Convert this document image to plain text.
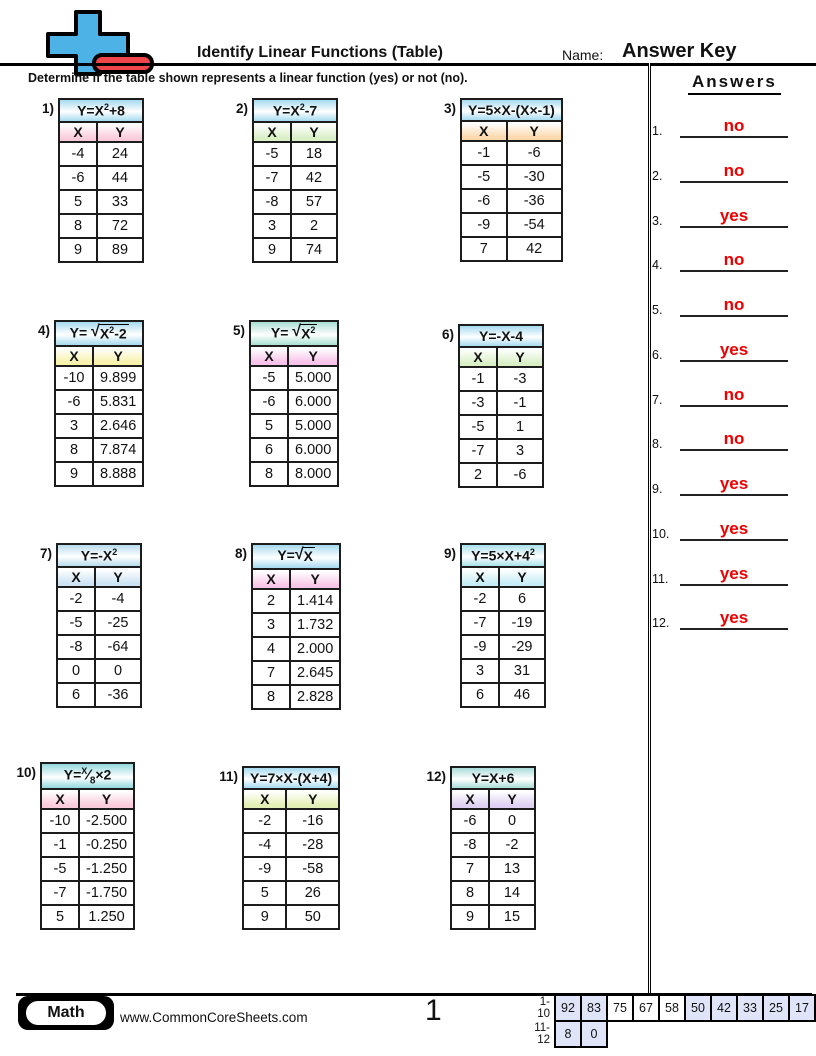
Identify Linear Functions (Table)	Name: Answer Key
Determine if the table shown represents a linear function (yes) or not (no).	Answers
1.	no
2.	no
3.	yes
4.	no
5.	no
6.	yes
7.	no
8.	no
9.	yes
10.	yes
11.	yes
12.	yes
1) $Y=X^2+8$	
X	Y
-4	24
-6	44
5	33
8	72
9	89
2) $Y=X^2-7$	
X	Y
-5	18
-7	42
-8	57
3	2
9	74
3) Y=5×X-(X×-1)	
X	Y
-1	-6
-5	-30
-6	-36
-9	-54
7	42
4) $Y= √X^2-2$	
X	Y
-10	9.899
-6	5.831
3	2.646
8	7.874
9	8.888
5) $Y= √X^2$
X	Y
-5	5.000
-6	6.000
5	5.000
6	6.000
8	8.000
6) Y=-X-4	
X	Y
-1	-3
-3	-1
-5	1
-7	3
2	-6
7) $Y=-X^2$
X	Y
-2	-4
-5	-25
-8	-64
0	0
6	-36
8) Y=√X	
X	Y
2	1.414
3	1.732
4	2.000
7	2.645
8	2.828
9) $Y=5\times X+4^2$
X	Y
-2	6
-7	-19
-9	-29
3	31
6	46
10) $Y=^X⁄_8\times 2$	
X	Y
-10	-2.500
-1	-0.250
-5	-1.250
-7	-1.750
5	1.250
11) Y=7×X-(X+4)	
X	Y
-2	-16
-4	-28
-9	-58
5	26
9	50
12) Y=X+6	
X	Y
-6	0
-8	-2
7	13
8	14
9	15
Math	www.CommonCoreSheets.com	1	1-10	92	83	75	67	58	50	42	33	25	17
11-12	8	0								
